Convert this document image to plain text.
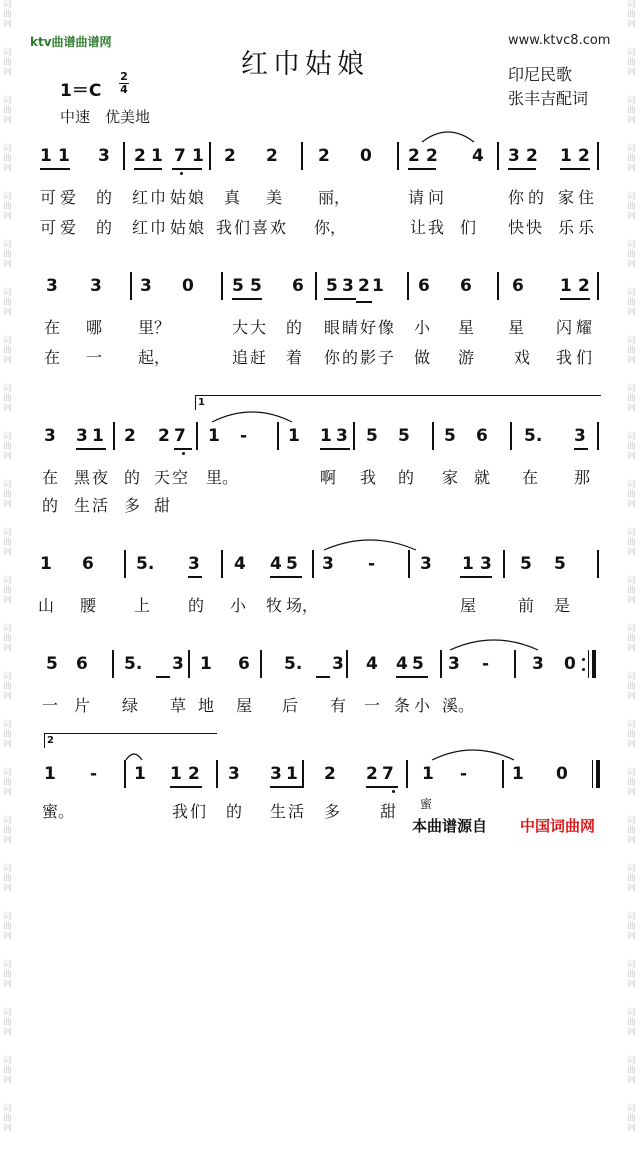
词
曲
网
词
曲
网
词
曲
网
词
曲
网
词
曲
网
词
曲
网
词
曲
网
词
曲
网
词
曲
网
词
曲
网
词
曲
网
词
曲
网
词
曲
网
词
曲
网
词
曲
网
词
曲
网
词
曲
网
词
曲
网
词
曲
网
词
曲
网
词
曲
网
词
曲
网
词
曲
网
词
曲
网
词
曲
网
词
曲
网
词
曲
网
词
曲
网
词
曲
网
词
曲
网
词
曲
网
词
曲
网
词
曲
网
词
曲
网
词
曲
网
词
曲
网
词
曲
网
词
曲
网
词
曲
网
词
曲
网
词
曲
网
词
曲
网
词
曲
网
词
曲
网
词
曲
网
词
曲
网
词
曲
网
词
曲
网
ktv曲谱曲谱网	www.ktvc8.com
红巾姑娘
$1=C \frac{2}{4}$
中速　优美地
印尼民歌
张丰吉配词
1 1 3 2 1 7 1 2 2 2 0 2 2 4 3 2 1 2
可 爱 的 红 巾 姑 娘 真 美 丽，	请 问	你 的 家 住
可 爱 的 红 巾 姑 娘 我 们 喜 欢 你，	让 我 们 快 快 乐 乐
3 3 3 0 5 5 6 5 3 2 1 6 6 6 1 2
在 哪 里？	大 大 的 眼 睛 好 像 小 星 星 闪 耀
在 一 起，	追 赶 着 你 的 影 子 做 游 戏 我 们
1
3 3 1 2 2 7 1 - 1 1 3 5 5 5 6 5. 3
在 黑 夜 的 天 空 里。	啊 我 的 家 就 在 那
的 生 活 多 甜
1 6 5. 3 4 4 5 3 -	3 1 3 5 5
山 腰 上 的 小 牧 场，	屋	前 是
5 6 5. 3 1 6 5. 3 4 4 5 3 -	3 0
一 片 绿 草 地 屋 后 有 一 条 小 溪。
2
1 - 1 1 2 3 3 1 2 2 7 1 -	1 0
蜜。	我 们 的 生 活 多 甜 蜜
本曲谱源自 中国词曲网
